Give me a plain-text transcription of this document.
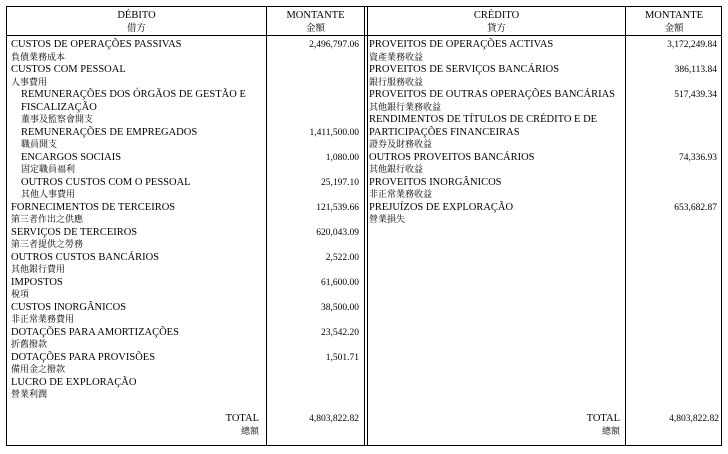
DÉBITO
借方
MONTANTE
金額
CRÉDITO
貸方
MONTANTE
金額
CUSTOS DE OPERAÇÕES PASSIVAS
負債業務成本
2,496,797.06
CUSTOS COM PESSOAL
人事費用
REMUNERAÇÕES DOS ÓRGÃOS DE GESTÃO E
FISCALIZAÇÃO
董事及監察會開支
REMUNERAÇÕES DE EMPREGADOS
職員開支
1,411,500.00
ENCARGOS SOCIAIS
固定職員福利
1,080.00
OUTROS CUSTOS COM O PESSOAL
其他人事費用
25,197.10
FORNECIMENTOS DE TERCEIROS
第三者作出之供應
121,539.66
SERVIÇOS DE TERCEIROS
第三者提供之勞務
620,043.09
OUTROS CUSTOS BANCÁRIOS
其他銀行費用
2,522.00
IMPOSTOS
稅項
61,600.00
CUSTOS INORGÂNICOS
非正常業務費用
38,500.00
DOTAÇÕES PARA AMORTIZAÇÕES
折舊撥款
23,542.20
DOTAÇÕES PARA PROVISÕES
備用金之撥款
1,501.71
LUCRO DE EXPLORAÇÃO
營業利潤
PROVEITOS DE OPERAÇÕES ACTIVAS
資產業務收益
3,172,249.84
PROVEITOS DE SERVIÇOS BANCÁRIOS
銀行服務收益
386,113.84
PROVEITOS DE OUTRAS OPERAÇÕES BANCÁRIAS
其他銀行業務收益
517,439.34
RENDIMENTOS DE TÍTULOS DE CRÉDITO E DE
PARTICIPAÇÕES FINANCEIRAS
證券及財務收益
OUTROS PROVEITOS BANCÁRIOS
其他銀行收益
74,336.93
PROVEITOS INORGÂNICOS
非正常業務收益
PREJUÍZOS DE EXPLORAÇÃO
營業損失
653,682.87
TOTAL
總額
4,803,822.82	TOTAL
總額
4,803,822.82
